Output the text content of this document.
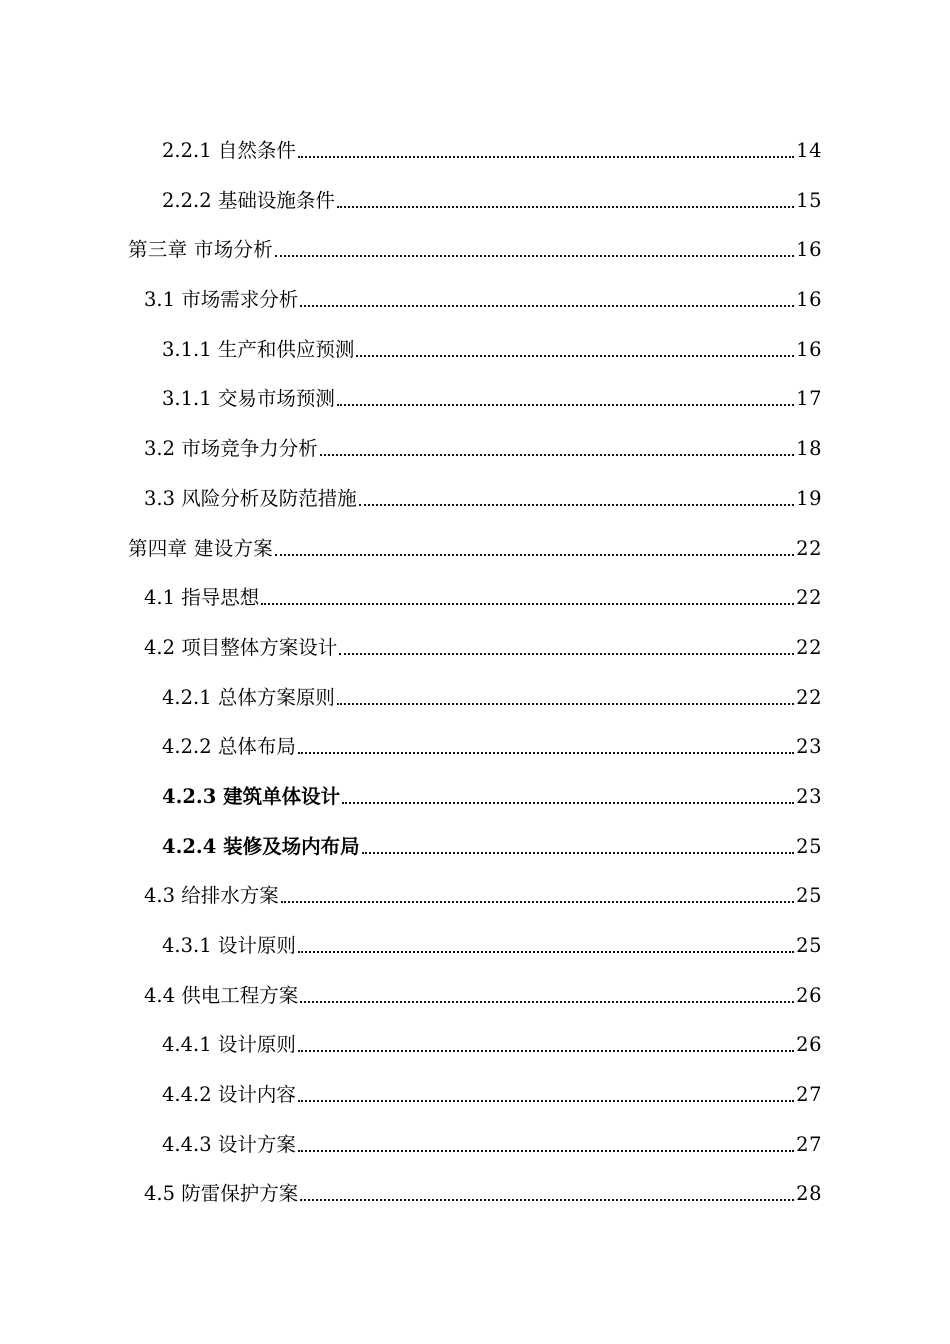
2.2.1 自然条件	14
2.2.2 基础设施条件	15
第三章 市场分析	16
3.1 市场需求分析	16
3.1.1 生产和供应预测	16
3.1.1 交易市场预测	17
3.2 市场竞争力分析	18
3.3 风险分析及防范措施	19
第四章 建设方案	22
4.1 指导思想	22
4.2 项目整体方案设计	22
4.2.1 总体方案原则	22
4.2.2 总体布局	23
4.2.3 建筑单体设计	23
4.2.4 装修及场内布局	25
4.3 给排水方案	25
4.3.1 设计原则	25
4.4 供电工程方案	26
4.4.1 设计原则	26
4.4.2 设计内容	27
4.4.3 设计方案	27
4.5 防雷保护方案	28
